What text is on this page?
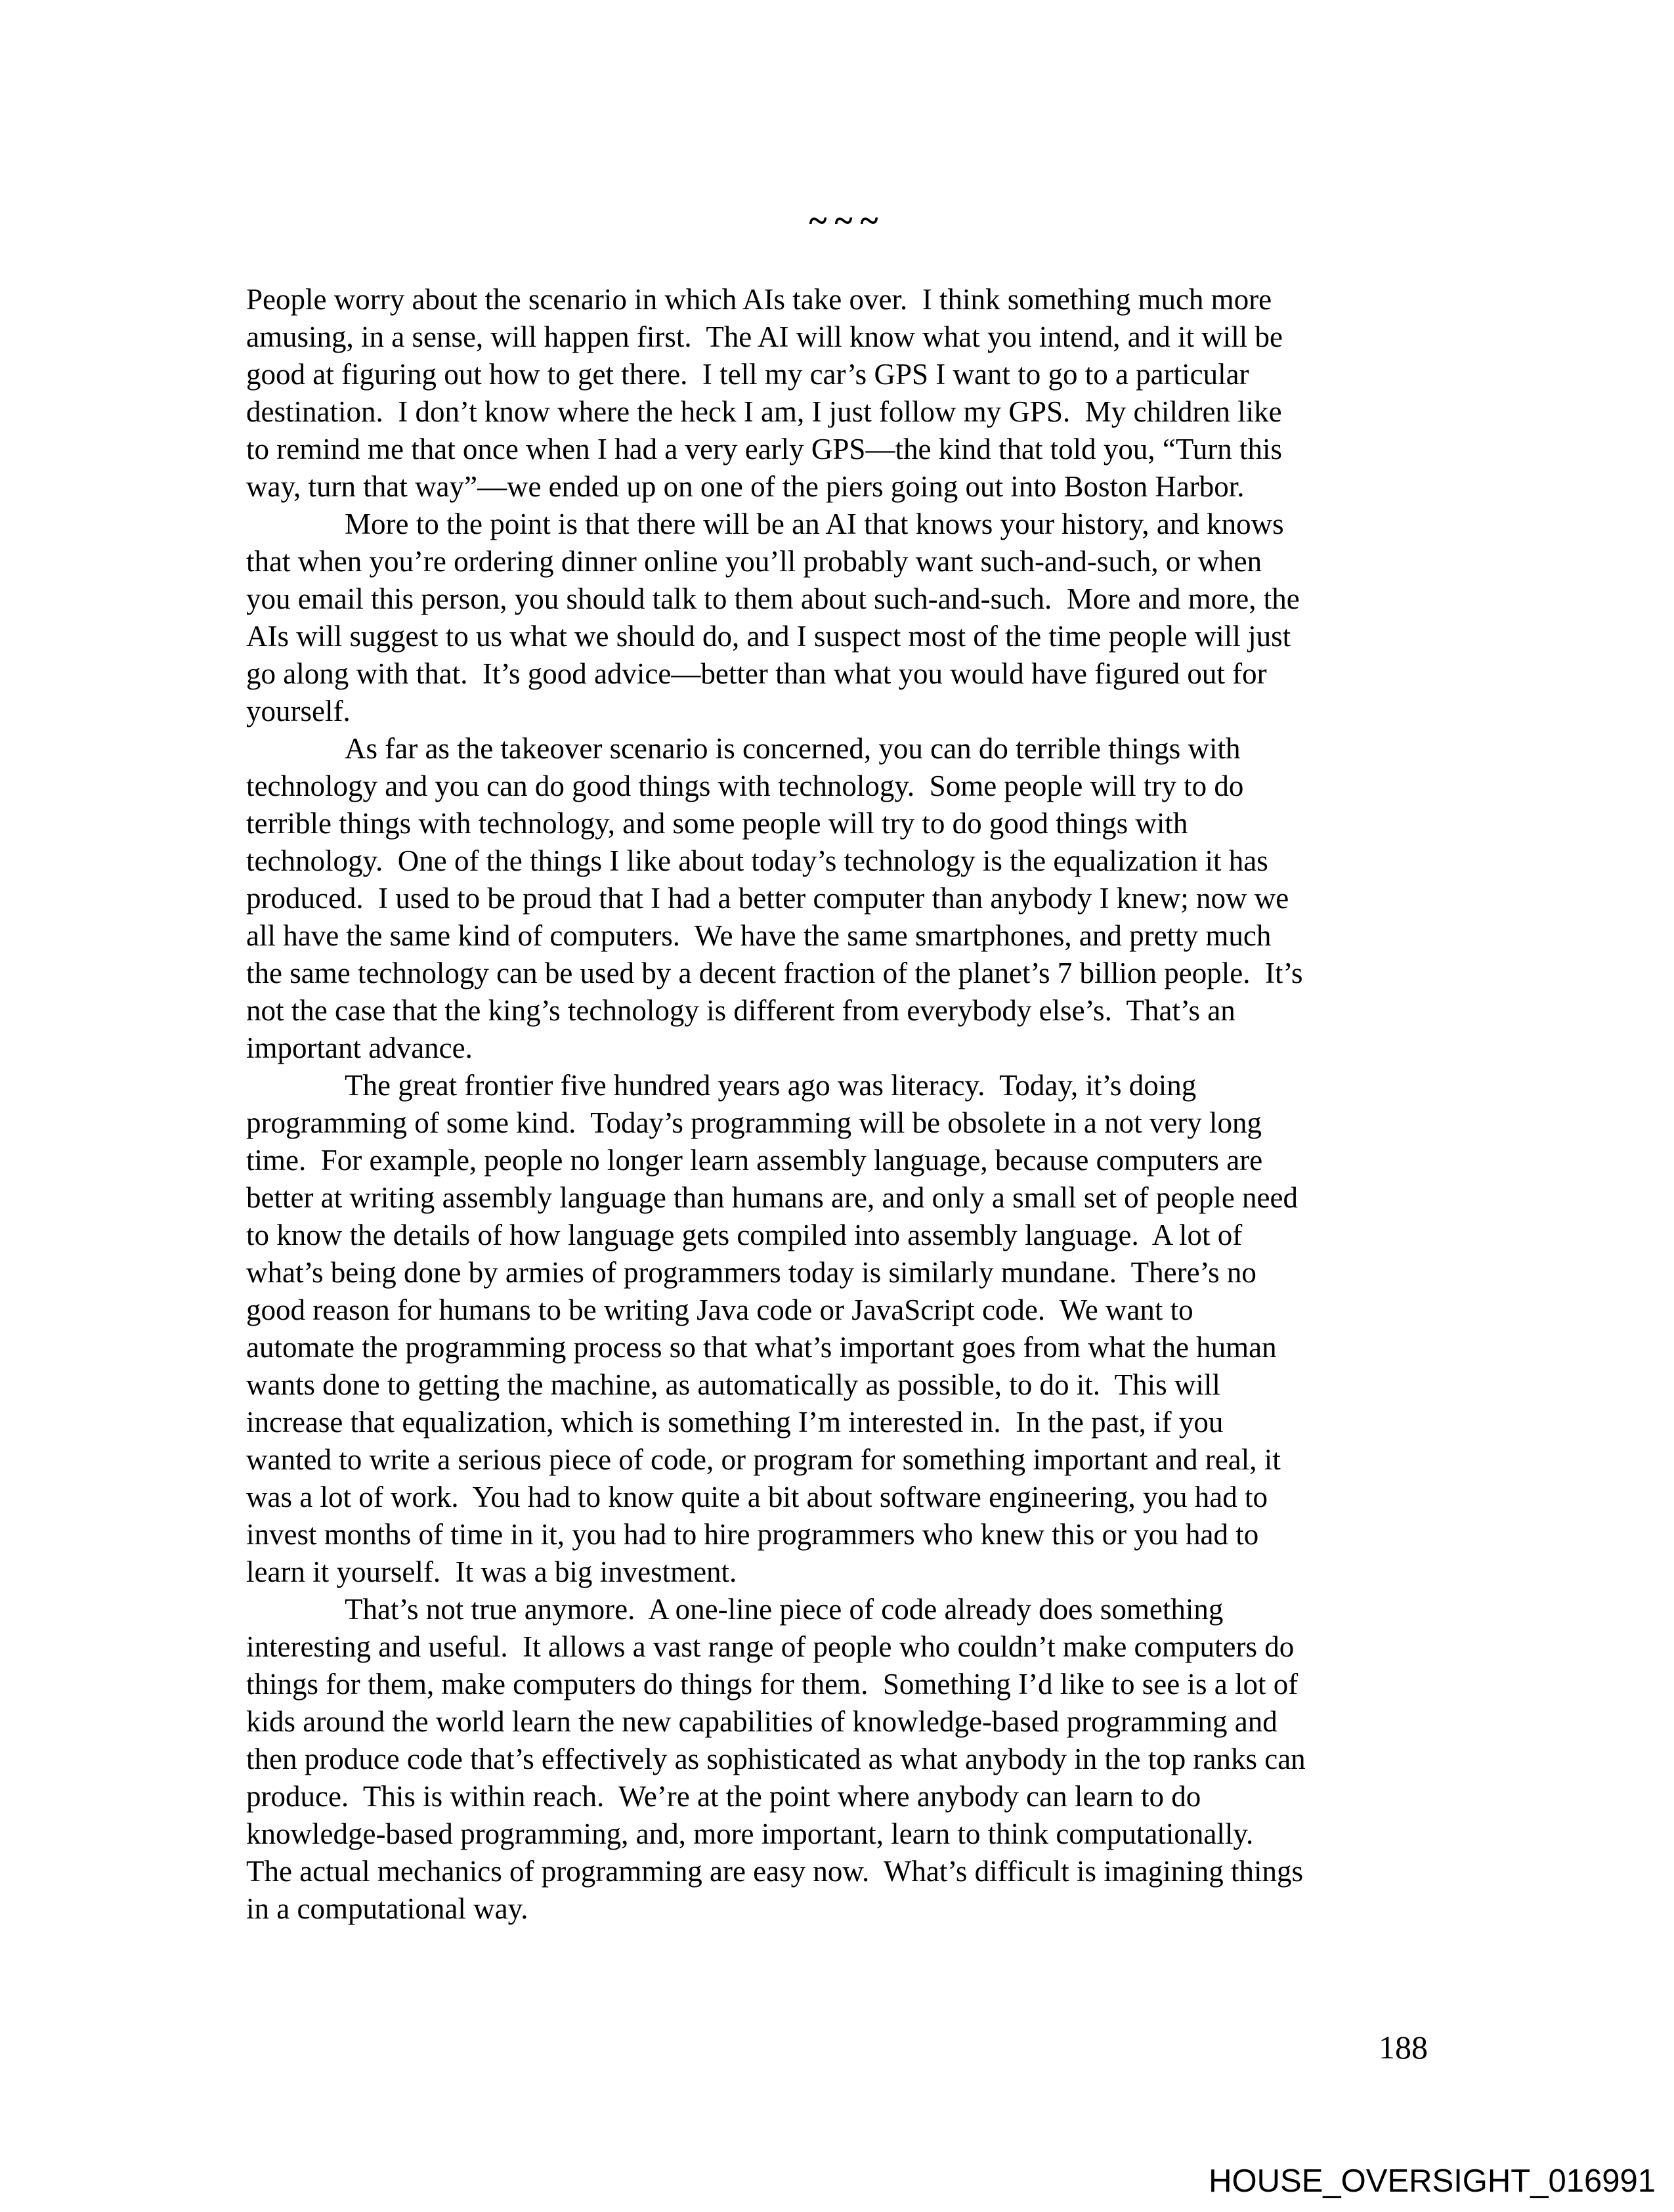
~~~
People worry about the scenario in which AIs take over.  I think something much more
amusing, in a sense, will happen first.  The AI will know what you intend, and it will be
good at figuring out how to get there.  I tell my car’s GPS I want to go to a particular
destination.  I don’t know where the heck I am, I just follow my GPS.  My children like
to remind me that once when I had a very early GPS—the kind that told you, “Turn this
way, turn that way”—we ended up on one of the piers going out into Boston Harbor.
More to the point is that there will be an AI that knows your history, and knows
that when you’re ordering dinner online you’ll probably want such-and-such, or when
you email this person, you should talk to them about such-and-such.  More and more, the
AIs will suggest to us what we should do, and I suspect most of the time people will just
go along with that.  It’s good advice—better than what you would have figured out for
yourself.
As far as the takeover scenario is concerned, you can do terrible things with
technology and you can do good things with technology.  Some people will try to do
terrible things with technology, and some people will try to do good things with
technology.  One of the things I like about today’s technology is the equalization it has
produced.  I used to be proud that I had a better computer than anybody I knew; now we
all have the same kind of computers.  We have the same smartphones, and pretty much
the same technology can be used by a decent fraction of the planet’s 7 billion people.  It’s
not the case that the king’s technology is different from everybody else’s.  That’s an
important advance.
The great frontier five hundred years ago was literacy.  Today, it’s doing
programming of some kind.  Today’s programming will be obsolete in a not very long
time.  For example, people no longer learn assembly language, because computers are
better at writing assembly language than humans are, and only a small set of people need
to know the details of how language gets compiled into assembly language.  A lot of
what’s being done by armies of programmers today is similarly mundane.  There’s no
good reason for humans to be writing Java code or JavaScript code.  We want to
automate the programming process so that what’s important goes from what the human
wants done to getting the machine, as automatically as possible, to do it.  This will
increase that equalization, which is something I’m interested in.  In the past, if you
wanted to write a serious piece of code, or program for something important and real, it
was a lot of work.  You had to know quite a bit about software engineering, you had to
invest months of time in it, you had to hire programmers who knew this or you had to
learn it yourself.  It was a big investment.
That’s not true anymore.  A one-line piece of code already does something
interesting and useful.  It allows a vast range of people who couldn’t make computers do
things for them, make computers do things for them.  Something I’d like to see is a lot of
kids around the world learn the new capabilities of knowledge-based programming and
then produce code that’s effectively as sophisticated as what anybody in the top ranks can
produce.  This is within reach.  We’re at the point where anybody can learn to do
knowledge-based programming, and, more important, learn to think computationally.
The actual mechanics of programming are easy now.  What’s difficult is imagining things
in a computational way.
188
HOUSE_OVERSIGHT_016991
